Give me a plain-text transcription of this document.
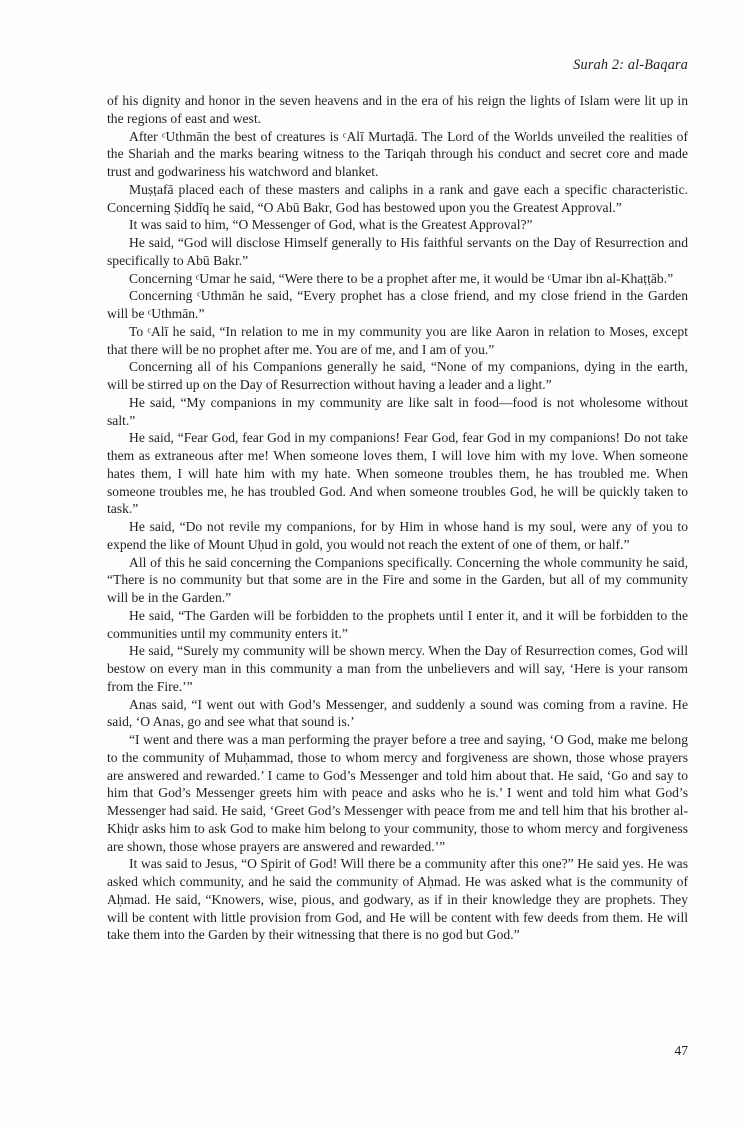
Surah 2: al-Baqara

of his dignity and honor in the seven heavens and in the era of his reign the lights of Islam were lit up in the regions of east and west.

After ᶜUthmān the best of creatures is ᶜAlī Murtaḍā. The Lord of the Worlds unveiled the realities of the Shariah and the marks bearing witness to the Tariqah through his conduct and secret core and made trust and godwariness his watchword and blanket.

Muṣṭafā placed each of these masters and caliphs in a rank and gave each a specific characteristic. Concerning Ṣiddīq he said, “O Abū Bakr, God has bestowed upon you the Greatest Approval.”

It was said to him, “O Messenger of God, what is the Greatest Approval?”

He said, “God will disclose Himself generally to His faithful servants on the Day of Resurrection and specifically to Abū Bakr.”

Concerning ᶜUmar he said, “Were there to be a prophet after me, it would be ᶜUmar ibn al-Khaṭṭāb.”

Concerning ᶜUthmān he said, “Every prophet has a close friend, and my close friend in the Garden will be ᶜUthmān.”

To ᶜAlī he said, “In relation to me in my community you are like Aaron in relation to Moses, except that there will be no prophet after me. You are of me, and I am of you.”

Concerning all of his Companions generally he said, “None of my companions, dying in the earth, will be stirred up on the Day of Resurrection without having a leader and a light.”

He said, “My companions in my community are like salt in food—food is not wholesome without salt.”

He said, “Fear God, fear God in my companions! Fear God, fear God in my companions! Do not take them as extraneous after me! When someone loves them, I will love him with my love. When someone hates them, I will hate him with my hate. When someone troubles them, he has troubled me. When someone troubles me, he has troubled God. And when someone troubles God, he will be quickly taken to task.”

He said, “Do not revile my companions, for by Him in whose hand is my soul, were any of you to expend the like of Mount Uḥud in gold, you would not reach the extent of one of them, or half.”

All of this he said concerning the Companions specifically. Concerning the whole community he said, “There is no community but that some are in the Fire and some in the Garden, but all of my community will be in the Garden.”

He said, “The Garden will be forbidden to the prophets until I enter it, and it will be forbidden to the communities until my community enters it.”

He said, “Surely my community will be shown mercy. When the Day of Resurrection comes, God will bestow on every man in this community a man from the unbelievers and will say, ‘Here is your ransom from the Fire.’”

Anas said, “I went out with God’s Messenger, and suddenly a sound was coming from a ravine. He said, ‘O Anas, go and see what that sound is.’

“I went and there was a man performing the prayer before a tree and saying, ‘O God, make me belong to the community of Muḥammad, those to whom mercy and forgiveness are shown, those whose prayers are answered and rewarded.’ I came to God’s Messenger and told him about that. He said, ‘Go and say to him that God’s Messenger greets him with peace and asks who he is.’ I went and told him what God’s Messenger had said. He said, ‘Greet God’s Messenger with peace from me and tell him that his brother al-Khiḍr asks him to ask God to make him belong to your community, those to whom mercy and forgiveness are shown, those whose prayers are answered and rewarded.’”

It was said to Jesus, “O Spirit of God! Will there be a community after this one?” He said yes. He was asked which community, and he said the community of Aḥmad. He was asked what is the community of Aḥmad. He said, “Knowers, wise, pious, and godwary, as if in their knowledge they are prophets. They will be content with little provision from God, and He will be content with few deeds from them. He will take them into the Garden by their witnessing that there is no god but God.”

47
